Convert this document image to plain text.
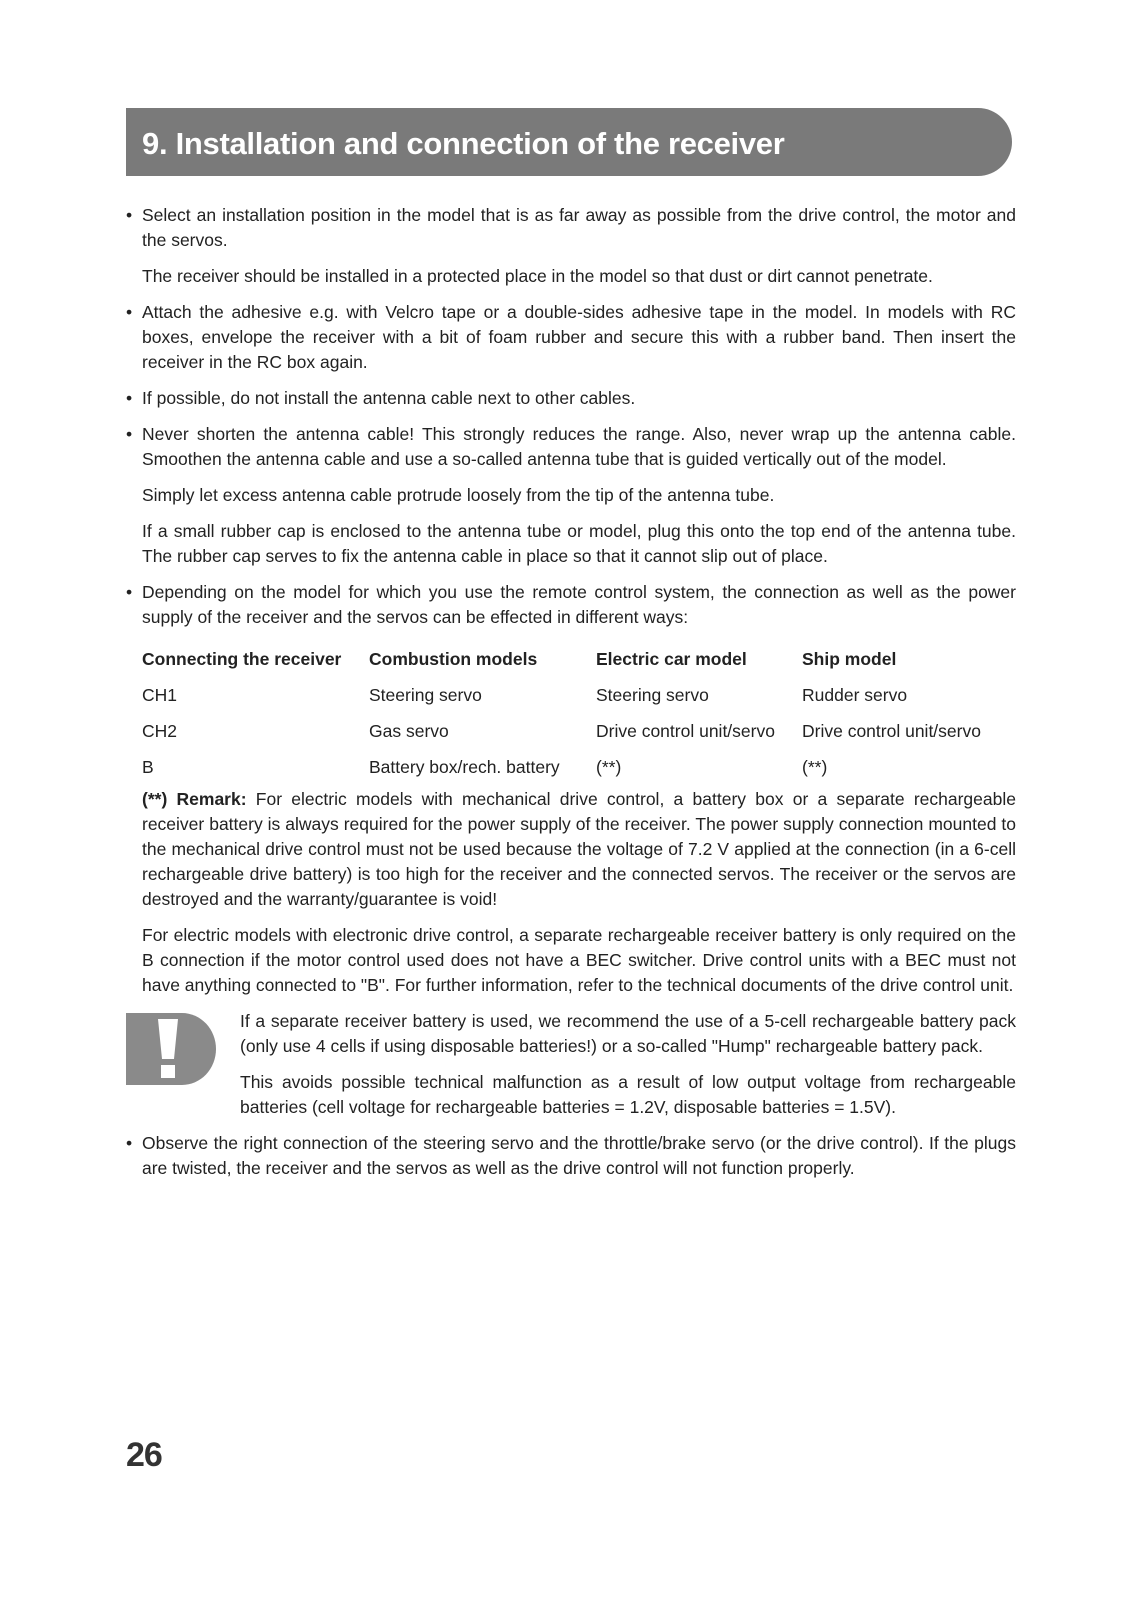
9. Installation and connection of the receiver
• Select an installation position in the model that is as far away as possible from the drive control, the motor and the servos.

The receiver should be installed in a protected place in the model so that dust or dirt cannot penetrate.

• Attach the adhesive e.g. with Velcro tape or a double-sides adhesive tape in the model. In models with RC boxes, envelope the receiver with a bit of foam rubber and secure this with a rubber band. Then insert the receiver in the RC box again.
• If possible, do not install the antenna cable next to other cables.
• Never shorten the antenna cable! This strongly reduces the range. Also, never wrap up the antenna cable. Smoothen the antenna cable and use a so-called antenna tube that is guided vertically out of the model.

Simply let excess antenna cable protrude loosely from the tip of the antenna tube.

If a small rubber cap is enclosed to the antenna tube or model, plug this onto the top end of the antenna tube. The rubber cap serves to fix the antenna cable in place so that it cannot slip out of place.

• Depending on the model for which you use the remote control system, the connection as well as the power supply of the receiver and the servos can be effected in different ways:
Connecting the receiver	Combustion models	Electric car model	Ship model
CH1	Steering servo	Steering servo	Rudder servo
CH2	Gas servo	Drive control unit/servo	Drive control unit/servo
B	Battery box/rech. battery	(**)	(**)

(**) Remark: For electric models with mechanical drive control, a battery box or a separate rechargeable receiver battery is always required for the power supply of the receiver. The power supply connection mounted to the mechanical drive control must not be used because the voltage of 7.2 V applied at the connection (in a 6-cell rechargeable drive battery) is too high for the receiver and the connected servos. The receiver or the servos are destroyed and the warranty/guarantee is void!

For electric models with electronic drive control, a separate rechargeable receiver battery is only required on the B connection if the motor control used does not have a BEC switcher. Drive control units with a BEC must not have anything connected to "B". For further information, refer to the technical documents of the drive control unit.

If a separate receiver battery is used, we recommend the use of a 5-cell rechargeable battery pack (only use 4 cells if using disposable batteries!) or a so-called "Hump" rechargeable battery pack.

This avoids possible technical malfunction as a result of low output voltage from rechargeable batteries (cell voltage for rechargeable batteries = 1.2V, disposable batteries = 1.5V).

• Observe the right connection of the steering servo and the throttle/brake servo (or the drive control). If the plugs are twisted, the receiver and the servos as well as the drive control will not function properly.
26
